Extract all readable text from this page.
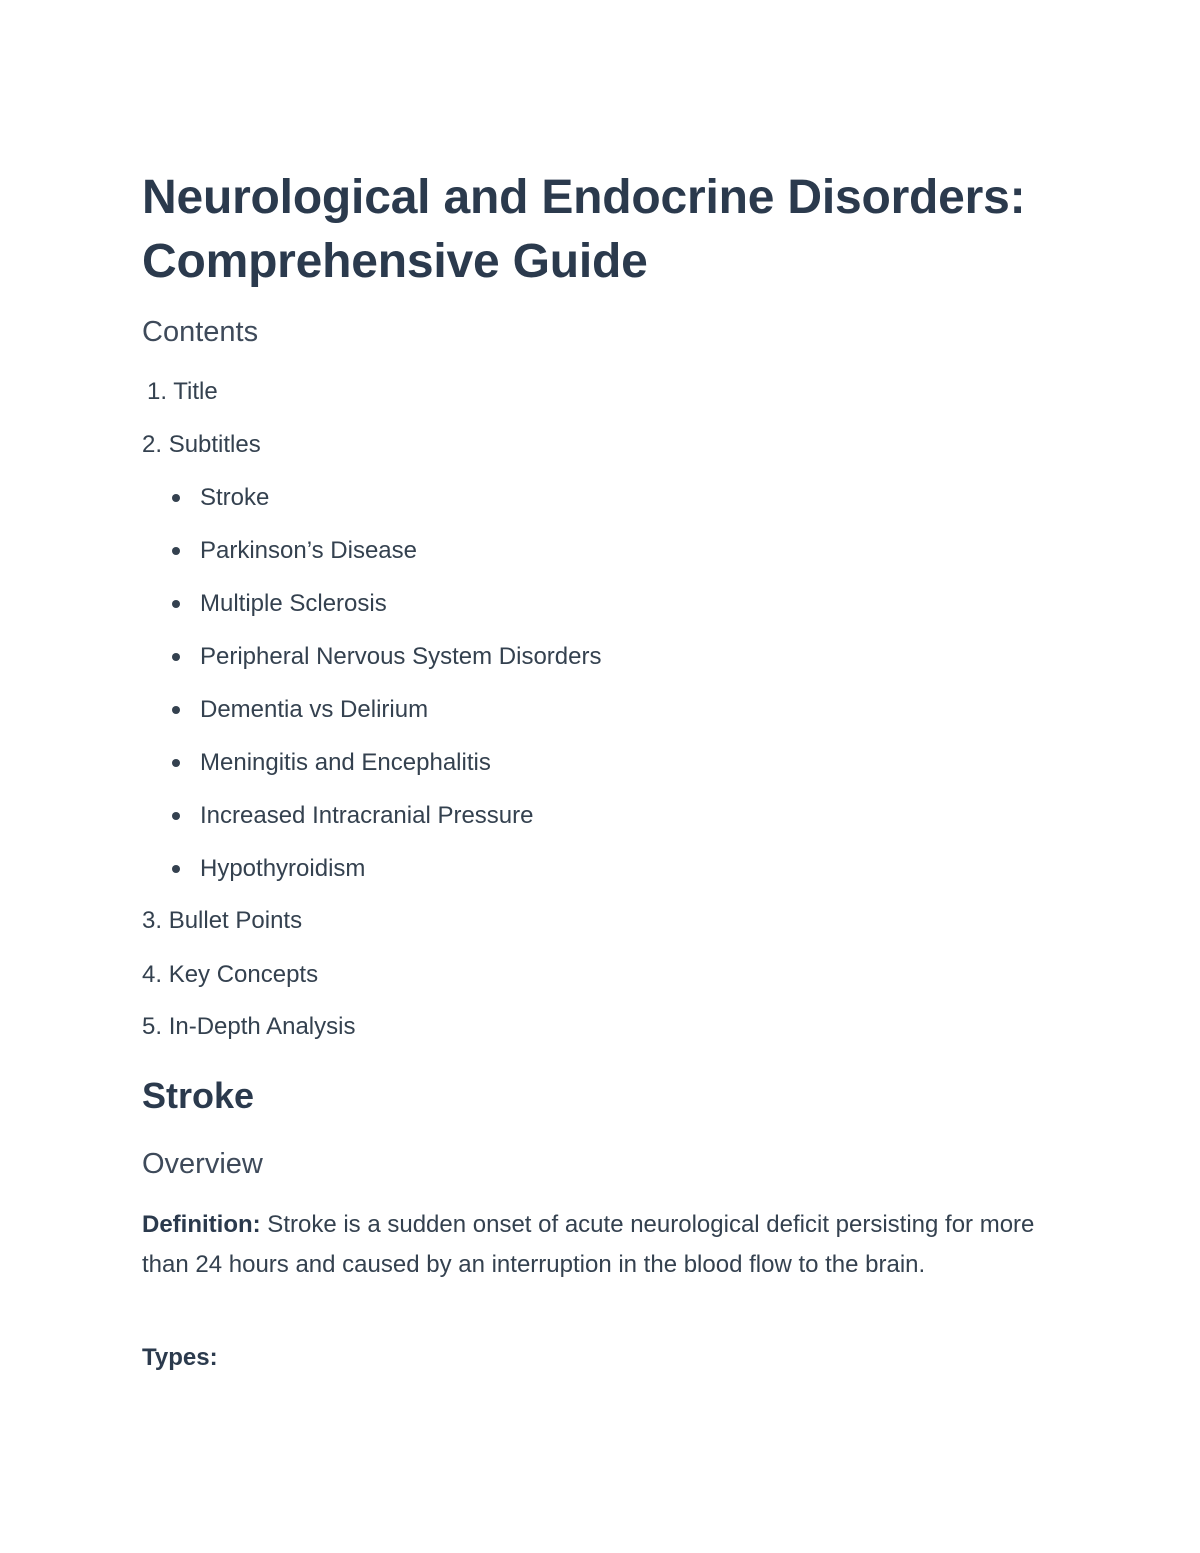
Neurological and Endocrine Disorders:
Comprehensive Guide
Contents
1. Title
2. Subtitles
Stroke
Parkinson’s Disease
Multiple Sclerosis
Peripheral Nervous System Disorders
Dementia vs Delirium
Meningitis and Encephalitis
Increased Intracranial Pressure
Hypothyroidism
3. Bullet Points
4. Key Concepts
5. In-Depth Analysis
Stroke
Overview

Definition: Stroke is a sudden onset of acute neurological deficit persisting for more than 24 hours and caused by an interruption in the blood flow to the brain.

Types:
